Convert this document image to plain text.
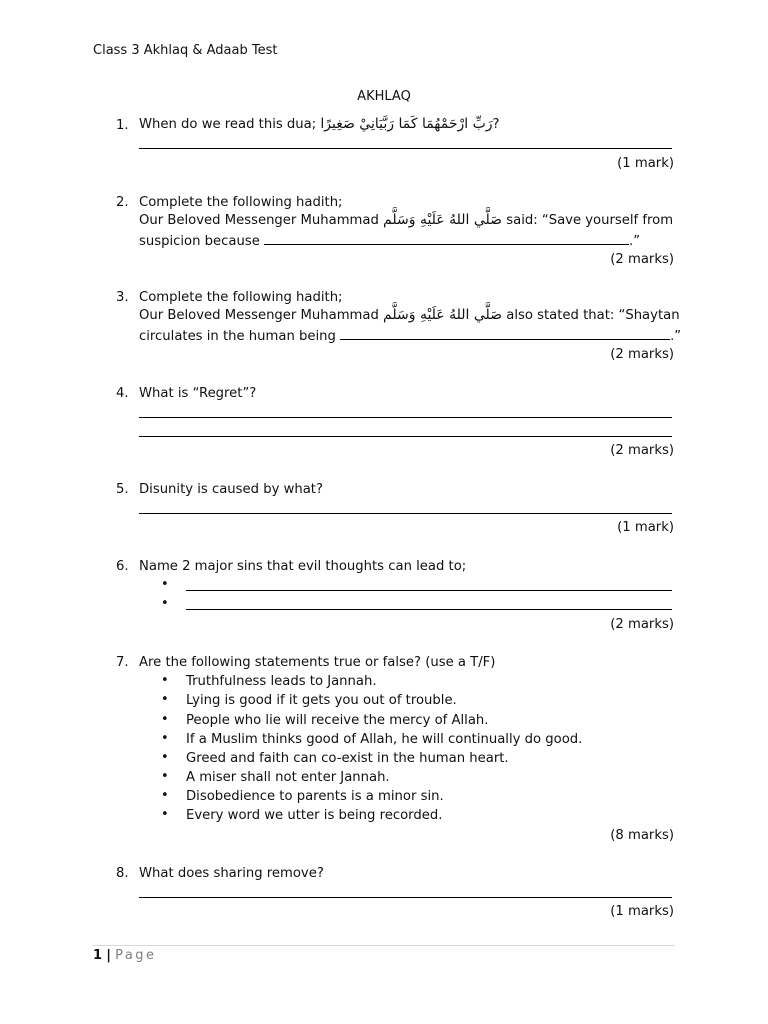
Class 3 Akhlaq & Adaab Test
AKHLAQ
1. When do we read this dua; رَبِّ ارْحَمْهُمَا كَمَا رَبَّيَانِيْ صَغِيرًا?
(1 mark)
2. Complete the following hadith;
Our Beloved Messenger Muhammad صَلَّي اللهُ عَلَيْهِ وَسَلَّم said: “Save yourself from
suspicion because	.”
(2 marks)
3. Complete the following hadith;
Our Beloved Messenger Muhammad صَلَّي اللهُ عَلَيْهِ وَسَلَّم also stated that: “Shaytan
circulates in the human being	.”
(2 marks)
4. What is “Regret”?
(2 marks)
5. Disunity is caused by what?
(1 mark)
6. Name 2 major sins that evil thoughts can lead to;
•
•
(2 marks)
7. Are the following statements true or false? (use a T/F)
• Truthfulness leads to Jannah.
• Lying is good if it gets you out of trouble.
• People who lie will receive the mercy of Allah.
• If a Muslim thinks good of Allah, he will continually do good.
• Greed and faith can co-exist in the human heart.
• A miser shall not enter Jannah.
• Disobedience to parents is a minor sin.
• Every word we utter is being recorded.
(8 marks)
8. What does sharing remove?
(1 marks)
1 | Page
